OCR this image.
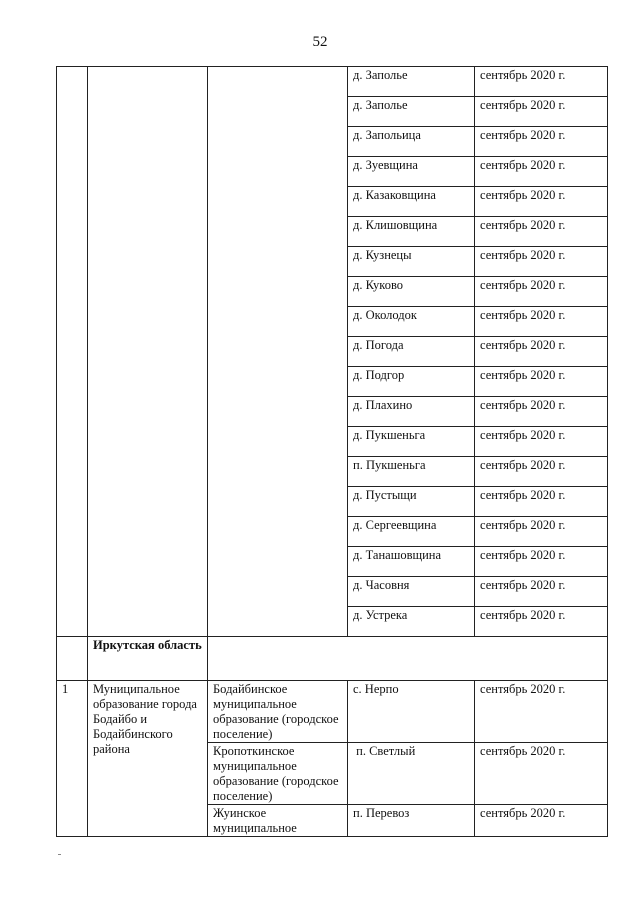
52
			д. Заполье	сентябрь 2020 г.
			д. Заполье	сентябрь 2020 г.
			д. Запольица	сентябрь 2020 г.
			д. Зуевщина	сентябрь 2020 г.
			д. Казаковщина	сентябрь 2020 г.
			д. Клишовщина	сентябрь 2020 г.
			д. Кузнецы	сентябрь 2020 г.
			д. Куково	сентябрь 2020 г.
			д. Околодок	сентябрь 2020 г.
			д. Погода	сентябрь 2020 г.
			д. Подгор	сентябрь 2020 г.
			д. Плахино	сентябрь 2020 г.
			д. Пукшеньга	сентябрь 2020 г.
			п. Пукшеньга	сентябрь 2020 г.
			д. Пустыщи	сентябрь 2020 г.
			д. Сергеевщина	сентябрь 2020 г.
			д. Танашовщина	сентябрь 2020 г.
			д. Часовня	сентябрь 2020 г.
			д. Устрека	сентябрь 2020 г.
	Иркутская область			
1	Муниципальное образование города Бодайбо и Бодайбинского района	Бодайбинское муниципальное образование (городское поселение)	с. Нерпо	сентябрь 2020 г.
		Кропоткинское муниципальное образование (городское поселение)	п. Светлый	сентябрь 2020 г.
		Жуинское муниципальное	п. Перевоз	сентябрь 2020 г.
